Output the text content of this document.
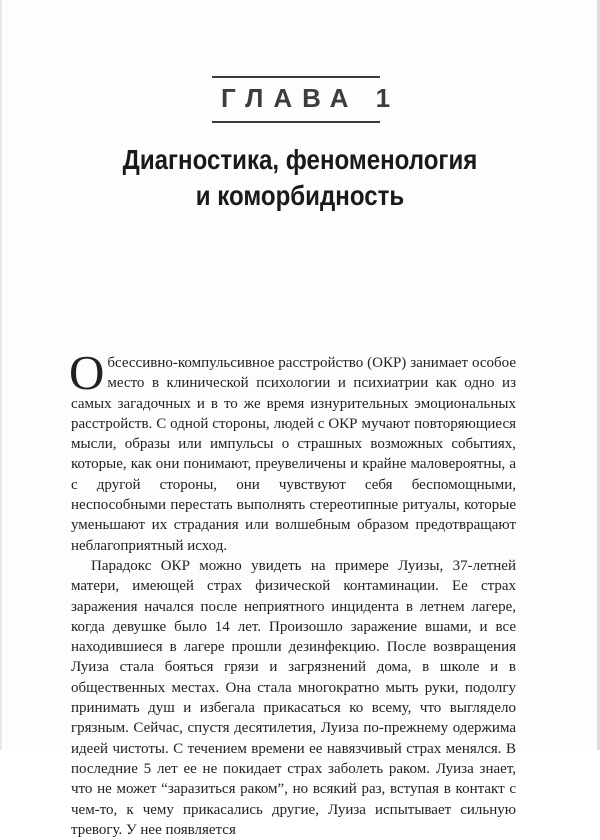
ГЛАВА 1
Диагностика, феноменология
и коморбидность

Обсессивно-компульсивное расстройство (ОКР) занимает особое место в клинической психологии и психиатрии как одно из самых загадочных и в то же время изнурительных эмоциональных расстройств. С одной стороны, людей с ОКР мучают повторяющиеся мысли, образы или импульсы о страшных возможных событиях, которые, как они понимают, преувеличены и крайне маловероятны, а с другой стороны, они чувствуют себя беспомощными, неспособными перестать выполнять стереотипные ритуалы, которые уменьшают их страдания или волшебным образом предотвращают неблагоприятный исход.

Парадокс ОКР можно увидеть на примере Луизы, 37-летней матери, имеющей страх физической контаминации. Ее страх заражения начался после неприятного инцидента в летнем лагере, когда девушке было 14 лет. Произошло заражение вшами, и все находившиеся в лагере прошли дезинфекцию. После возвращения Луиза стала бояться грязи и загрязнений дома, в школе и в общественных местах. Она стала многократно мыть руки, подолгу принимать душ и избегала прикасаться ко всему, что выглядело грязным. Сейчас, спустя десятилетия, Луиза по-прежнему одержима идеей чистоты. С течением времени ее навязчивый страх менялся. В последние 5 лет ее не покидает страх заболеть раком. Луиза знает, что не может “заразиться раком”, но всякий раз, вступая в контакт с чем-то, к чему прикасались другие, Луиза испытывает сильную тревогу. У нее появляется
